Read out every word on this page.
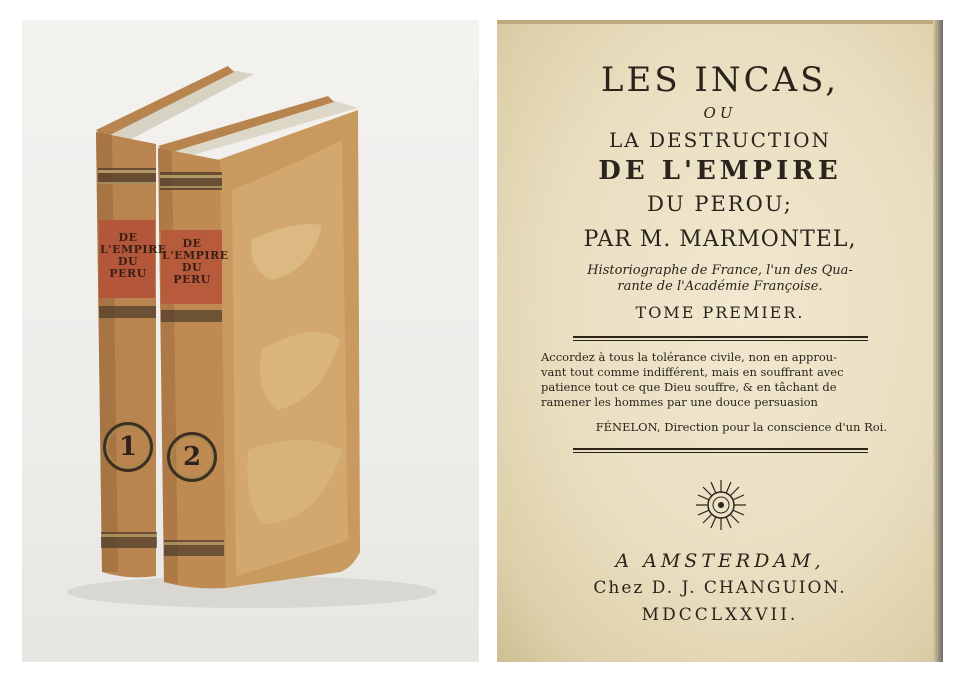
DE
L'EMPIRE
DU
PERU
DE
L'EMPIRE
DU
PERU
1	2
LES INCAS,
OU
LA DESTRUCTION
DE L'EMPIRE
DU PEROU;
PAR M. MARMONTEL,
Historiographe de France, l'un des Qua-
rante de l'Académie Françoise.
TOME PREMIER.
Accordez à tous la tolérance civile, non en approu-
vant tout comme indifférent, mais en souffrant avec
patience tout ce que Dieu souffre, & en tâchant de
ramener les hommes par une douce persuasion
FÉNELON, Direction pour la conscience d'un Roi.
A AMSTERDAM,
Chez D. J. CHANGUION.
MDCCLXXVII.
